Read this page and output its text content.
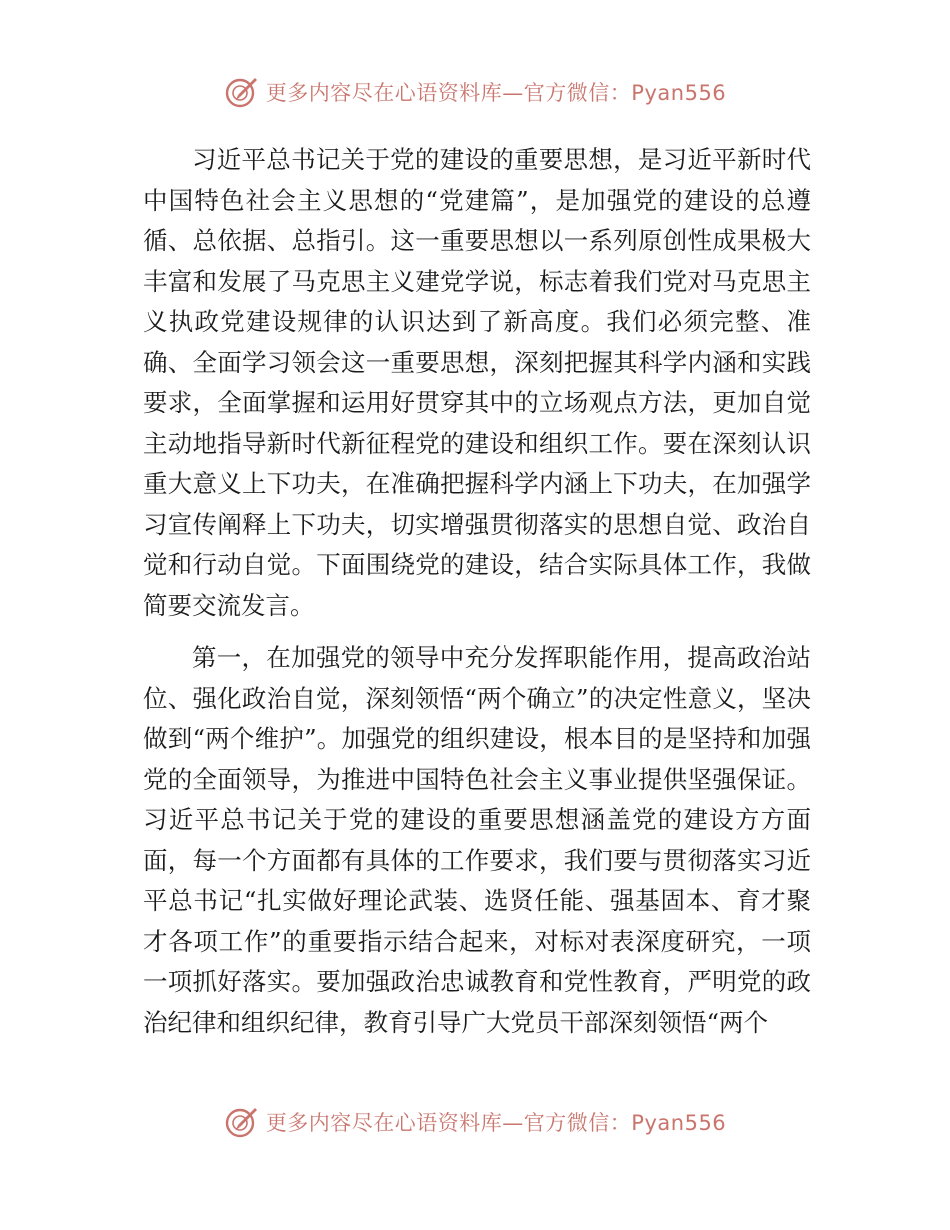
更多内容尽在心语资料库—官方微信：Pyan556

习近平总书记关于党的建设的重要思想，是习近平新时代中国特色社会主义思想的“党建篇”，是加强党的建设的总遵循、总依据、总指引。这一重要思想以一系列原创性成果极大丰富和发展了马克思主义建党学说，标志着我们党对马克思主义执政党建设规律的认识达到了新高度。我们必须完整、准确、全面学习领会这一重要思想，深刻把握其科学内涵和实践要求，全面掌握和运用好贯穿其中的立场观点方法，更加自觉主动地指导新时代新征程党的建设和组织工作。要在深刻认识重大意义上下功夫，在准确把握科学内涵上下功夫，在加强学习宣传阐释上下功夫，切实增强贯彻落实的思想自觉、政治自觉和行动自觉。下面围绕党的建设，结合实际具体工作，我做简要交流发言。

第一，在加强党的领导中充分发挥职能作用，提高政治站位、强化政治自觉，深刻领悟“两个确立”的决定性意义，坚决做到“两个维护”。加强党的组织建设，根本目的是坚持和加强党的全面领导，为推进中国特色社会主义事业提供坚强保证。习近平总书记关于党的建设的重要思想涵盖党的建设方方面面，每一个方面都有具体的工作要求，我们要与贯彻落实习近平总书记“扎实做好理论武装、选贤任能、强基固本、育才聚才各项工作”的重要指示结合起来，对标对表深度研究，一项一项抓好落实。要加强政治忠诚教育和党性教育，严明党的政治纪律和组织纪律，教育引导广大党员干部深刻领悟“两个

更多内容尽在心语资料库—官方微信：Pyan556
